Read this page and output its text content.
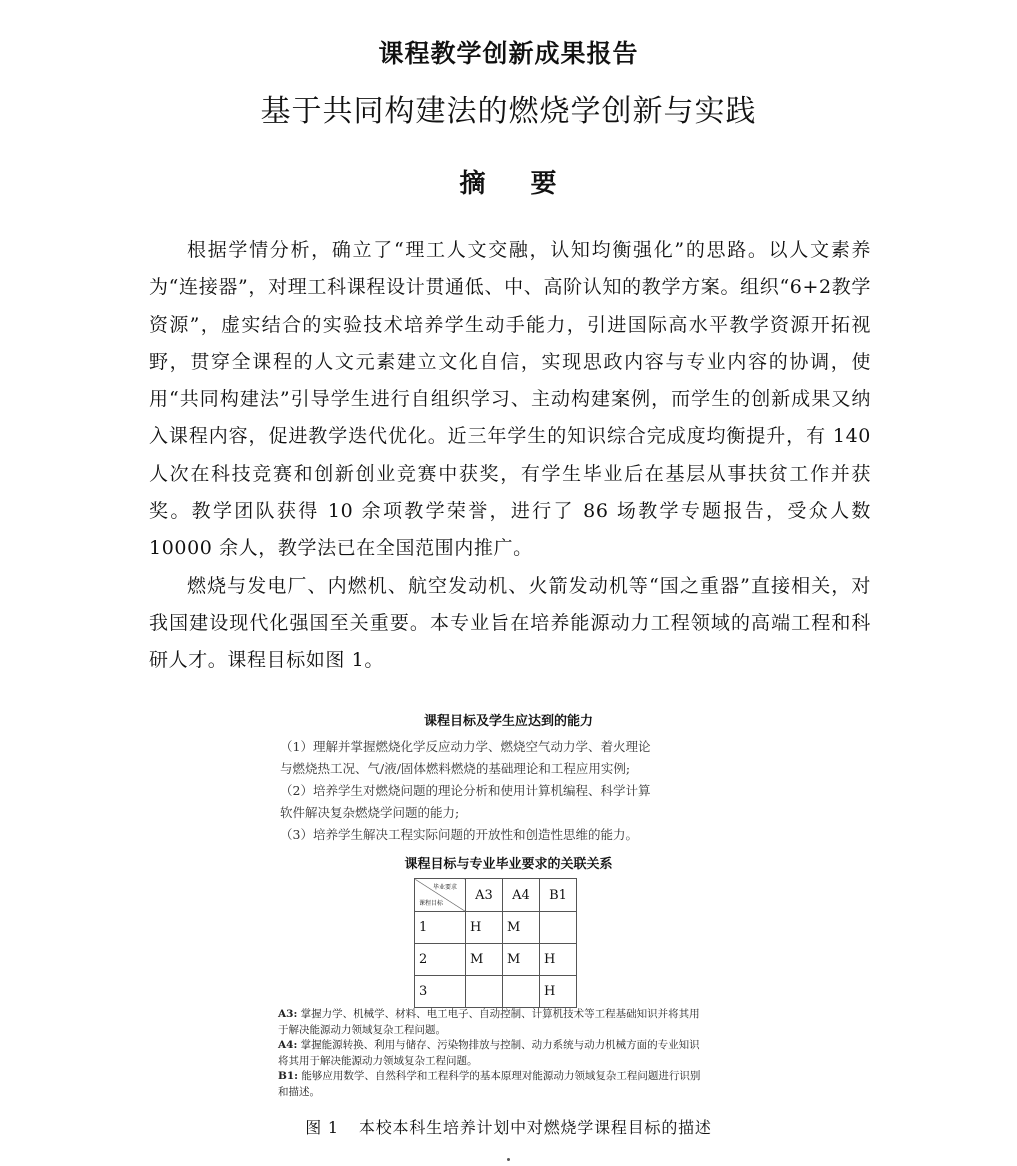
课程教学创新成果报告
基于共同构建法的燃烧学创新与实践
摘 要

根据学情分析，确立了“理工人文交融，认知均衡强化”的思路。以人文素养为“连接器”，对理工科课程设计贯通低、中、高阶认知的教学方案。组织“6+2教学资源”，虚实结合的实验技术培养学生动手能力，引进国际高水平教学资源开拓视野，贯穿全课程的人文元素建立文化自信，实现思政内容与专业内容的协调，使用“共同构建法”引导学生进行自组织学习、主动构建案例，而学生的创新成果又纳入课程内容，促进教学迭代优化。近三年学生的知识综合完成度均衡提升，有 140人次在科技竞赛和创新创业竞赛中获奖，有学生毕业后在基层从事扶贫工作并获奖。教学团队获得 10 余项教学荣誉，进行了 86 场教学专题报告，受众人数 10000 余人，教学法已在全国范围内推广。

燃烧与发电厂、内燃机、航空发动机、火箭发动机等“国之重器”直接相关，对我国建设现代化强国至关重要。本专业旨在培养能源动力工程领域的高端工程和科研人才。课程目标如图 1。

课程目标及学生应达到的能力
（1）理解并掌握燃烧化学反应动力学、燃烧空气动力学、着火理论
与燃烧热工况、气/液/固体燃料燃烧的基础理论和工程应用实例;
（2）培养学生对燃烧问题的理论分析和使用计算机编程、科学计算
软件解决复杂燃烧学问题的能力;
（3）培养学生解决工程实际问题的开放性和创造性思维的能力。
课程目标与专业毕业要求的关联关系
毕业要求
课程目标	A3	A4	B1
1	H	M	
2	M	M	H
3			H
A3: 掌握力学、机械学、材料、电工电子、自动控制、计算机技术等工程基础知识并将其用于解决能源动力领域复杂工程问题。
A4: 掌握能源转换、利用与储存、污染物排放与控制、动力系统与动力机械方面的专业知识将其用于解决能源动力领域复杂工程问题。
B1: 能够应用数学、自然科学和工程科学的基本原理对能源动力领域复杂工程问题进行识别和描述。
图 1 本校本科生培养计划中对燃烧学课程目标的描述
